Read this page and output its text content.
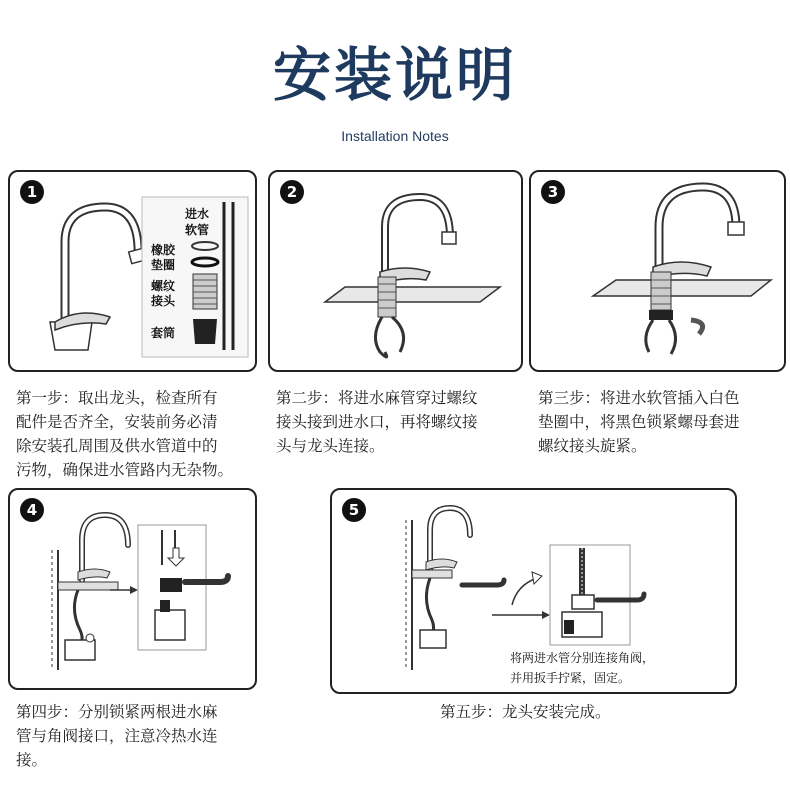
安装说明
Installation Notes
进水
软管
橡胶
垫圈
螺纹
接头
套筒
1	2	3
第一步：取出龙头，检查所有
配件是否齐全，安装前务必清
除安装孔周围及供水管道中的
污物，确保进水管路内无杂物。
第二步：将进水麻管穿过螺纹
接头接到进水口，再将螺纹接
头与龙头连接。
第三步：将进水软管插入白色
垫圈中，将黑色锁紧螺母套进
螺纹接头旋紧。
4	5
将两进水管分别连接角阀，
并用扳手拧紧，固定。
第四步：分别锁紧两根进水麻
管与角阀接口，注意冷热水连
接。
第五步：龙头安装完成。
